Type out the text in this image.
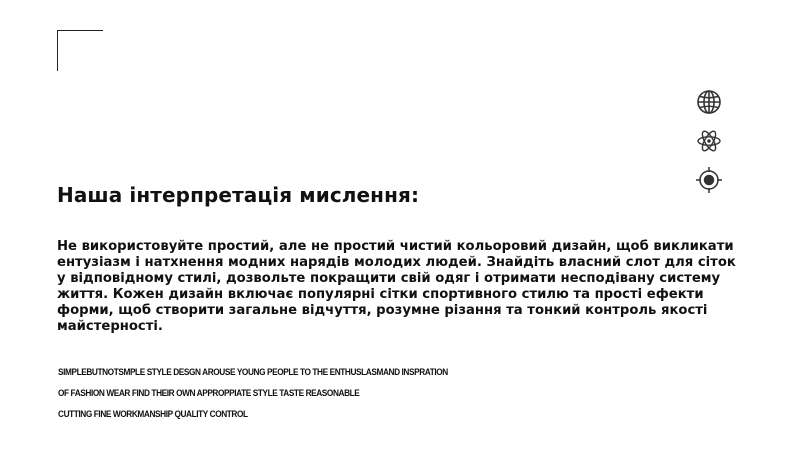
Наша інтерпретація мислення:

Не використовуйте простий, але не простий чистий кольоровий дизайн, щоб викликати ентузіазм і натхнення модних нарядів молодих людей. Знайдіть власний слот для сіток у відповідному стилі, дозвольте покращити свій одяг і отримати несподівану систему життя. Кожен дизайн включає популярні сітки спортивного стилю та прості ефекти форми, щоб створити загальне відчуття, розумне різання та тонкий контроль якості майстерності.

SIMPLEBUTNOTSMPLE STYLE DESGN AROUSE YOUNG PEOPLE TO THE ENTHUSLASMAND INSPRATION
OF FASHION WEAR FIND THEIR OWN APPROPPIATE STYLE TASTE REASONABLE
CUTTING FINE WORKMANSHIP QUALITY CONTROL
